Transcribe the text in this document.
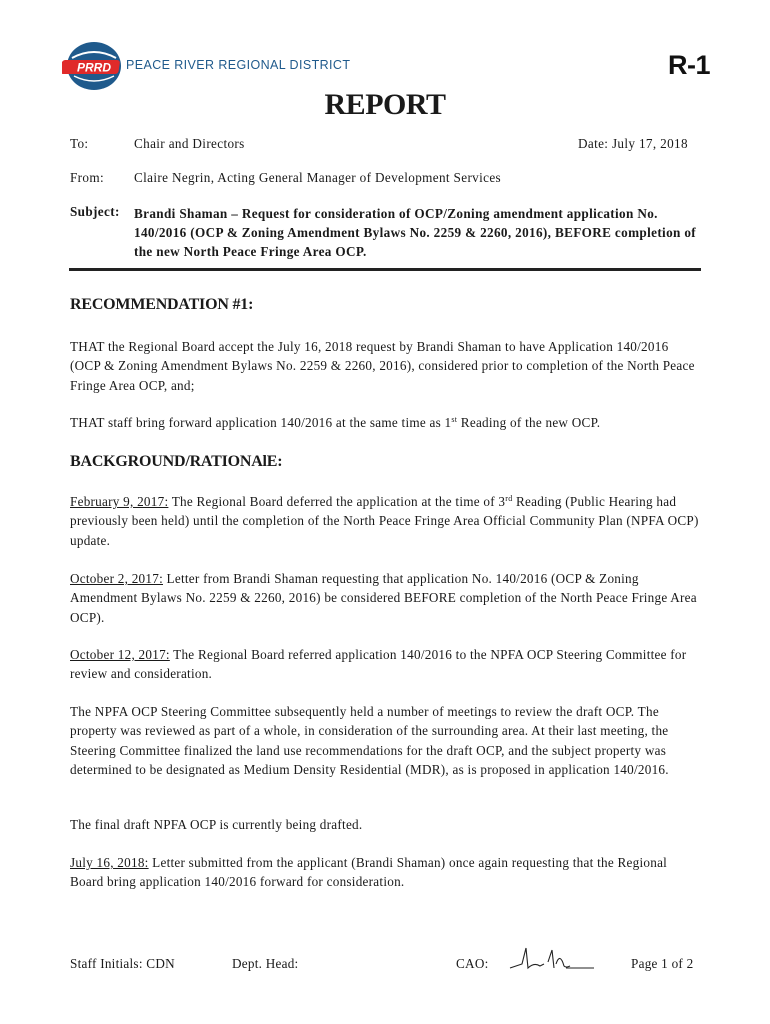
PRRD PEACE RIVER REGIONAL DISTRICT	R-1
REPORT
To:	Chair and Directors	Date: July 17, 2018
From: Claire Negrin, Acting General Manager of Development Services
Subject: Brandi Shaman – Request for consideration of OCP/Zoning amendment application No. 140/2016 (OCP & Zoning Amendment Bylaws No. 2259 & 2260, 2016), BEFORE completion of the new North Peace Fringe Area OCP.
RECOMMENDATION #1:
THAT the Regional Board accept the July 16, 2018 request by Brandi Shaman to have Application 140/2016 (OCP & Zoning Amendment Bylaws No. 2259 & 2260, 2016), considered prior to completion of the North Peace Fringe Area OCP, and;
THAT staff bring forward application 140/2016 at the same time as 1st Reading of the new OCP.
BACKGROUND/RATIONAlE:
February 9, 2017: The Regional Board deferred the application at the time of 3rd Reading (Public Hearing had previously been held) until the completion of the North Peace Fringe Area Official Community Plan (NPFA OCP) update.
October 2, 2017: Letter from Brandi Shaman requesting that application No. 140/2016 (OCP & Zoning Amendment Bylaws No. 2259 & 2260, 2016) be considered BEFORE completion of the North Peace Fringe Area OCP).
October 12, 2017: The Regional Board referred application 140/2016 to the NPFA OCP Steering Committee for review and consideration.
The NPFA OCP Steering Committee subsequently held a number of meetings to review the draft OCP. The property was reviewed as part of a whole, in consideration of the surrounding area. At their last meeting, the Steering Committee finalized the land use recommendations for the draft OCP, and the subject property was determined to be designated as Medium Density Residential (MDR), as is proposed in application 140/2016.
The final draft NPFA OCP is currently being drafted.
July 16, 2018: Letter submitted from the applicant (Brandi Shaman) once again requesting that the Regional Board bring application 140/2016 forward for consideration.
Staff Initials: CDN	Dept. Head:	CAO:	Page 1 of 2
